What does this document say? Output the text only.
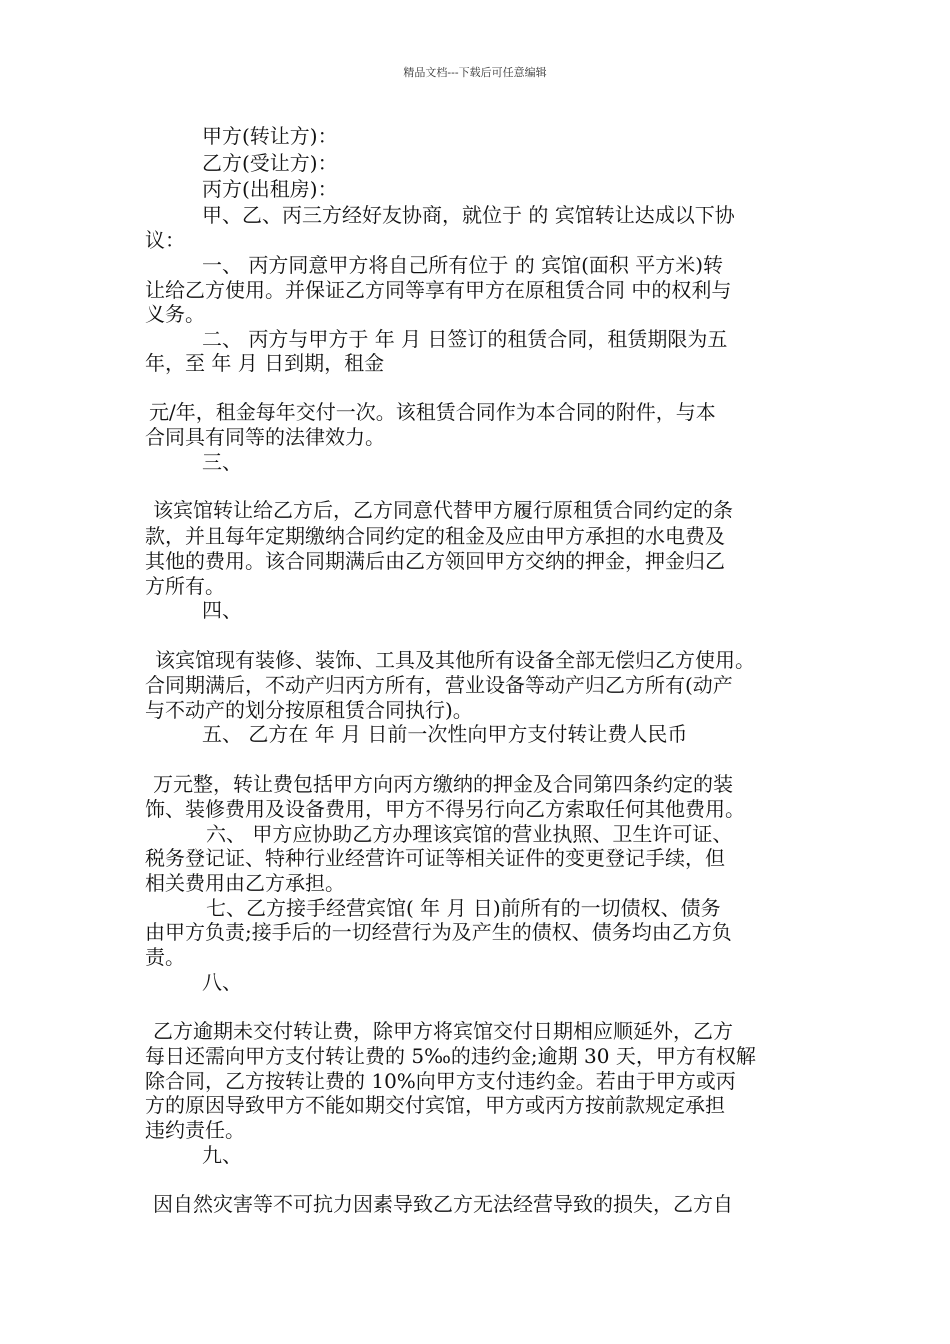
精品文档---下载后可任意编辑
甲方(转让方)：
乙方(受让方)：
丙方(出租房)：
甲、乙、丙三方经好友协商，就位于 的 宾馆转让达成以下协
议：
一、 丙方同意甲方将自己所有位于 的 宾馆(面积 平方米)转
让给乙方使用。并保证乙方同等享有甲方在原租赁合同 中的权利与
义务。
二、 丙方与甲方于 年 月 日签订的租赁合同，租赁期限为五
年，至 年 月 日到期，租金
元/年，租金每年交付一次。该租赁合同作为本合同的附件，与本
合同具有同等的法律效力。
三、
该宾馆转让给乙方后，乙方同意代替甲方履行原租赁合同约定的条
款，并且每年定期缴纳合同约定的租金及应由甲方承担的水电费及
其他的费用。该合同期满后由乙方领回甲方交纳的押金，押金归乙
方所有。
四、
该宾馆现有装修、装饰、工具及其他所有设备全部无偿归乙方使用。
合同期满后，不动产归丙方所有，营业设备等动产归乙方所有(动产
与不动产的划分按原租赁合同执行)。
五、 乙方在 年 月 日前一次性向甲方支付转让费人民币
万元整，转让费包括甲方向丙方缴纳的押金及合同第四条约定的装
饰、装修费用及设备费用，甲方不得另行向乙方索取任何其他费用。
六、 甲方应协助乙方办理该宾馆的营业执照、卫生许可证、
税务登记证、特种行业经营许可证等相关证件的变更登记手续，但
相关费用由乙方承担。
七、乙方接手经营宾馆( 年 月 日)前所有的一切债权、债务
由甲方负责;接手后的一切经营行为及产生的债权、债务均由乙方负
责。
八、
乙方逾期未交付转让费，除甲方将宾馆交付日期相应顺延外，乙方
每日还需向甲方支付转让费的 5‰的违约金;逾期 30 天，甲方有权解
除合同，乙方按转让费的 10%向甲方支付违约金。若由于甲方或丙
方的原因导致甲方不能如期交付宾馆，甲方或丙方按前款规定承担
违约责任。
九、
因自然灾害等不可抗力因素导致乙方无法经营导致的损失，乙方自
